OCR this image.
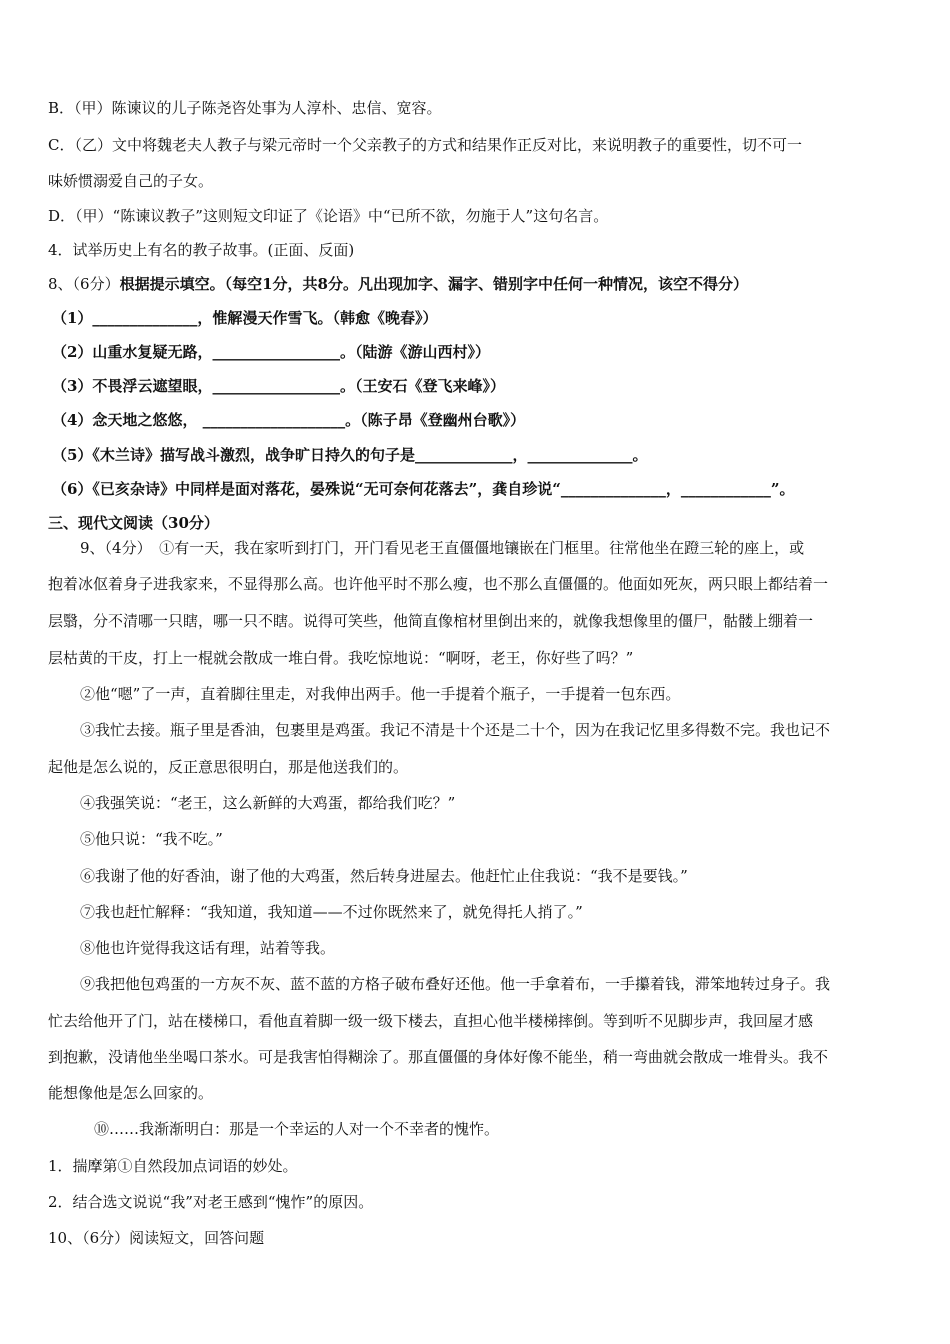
B．（甲）陈谏议的儿子陈尧咨处事为人淳朴、忠信、宽容。

C．（乙）文中将魏老夫人教子与梁元帝时一个父亲教子的方式和结果作正反对比，来说明教子的重要性，切不可一

味娇惯溺爱自己的子女。

D．（甲）“陈谏议教子”这则短文印证了《论语》中“已所不欲，勿施于人”这句名言。

4．试举历史上有名的教子故事。(正面、反面)

8、（6分）根据提示填空。（每空1分，共8分。凡出现加字、漏字、错别字中任何一种情况，该空不得分）

（1）______________，惟解漫天作雪飞。（韩愈《晚春》）

（2）山重水复疑无路，_________________。（陆游《游山西村》）

（3）不畏浮云遮望眼，_________________。（王安石《登飞来峰》）

（4）念天地之悠悠， ___________________。（陈子昂《登幽州台歌》）

（5）《木兰诗》描写战斗激烈，战争旷日持久的句子是_____________，______________。

（6）《已亥杂诗》中同样是面对落花，晏殊说“无可奈何花落去”，龚自珍说“______________，____________”。

三、现代文阅读（30分）

9、（4分）　①有一天，我在家听到打门，开门看见老王直僵僵地镶嵌在门框里。往常他坐在蹬三轮的座上，或

抱着冰伛着身子进我家来，不显得那么高。也许他平时不那么瘦，也不那么直僵僵的。他面如死灰，两只眼上都结着一

层翳，分不清哪一只瞎，哪一只不瞎。说得可笑些，他简直像棺材里倒出来的，就像我想像里的僵尸，骷髅上绷着一

层枯黄的干皮，打上一棍就会散成一堆白骨。我吃惊地说：“啊呀，老王，你好些了吗？”

②他“嗯”了一声，直着脚往里走，对我伸出两手。他一手提着个瓶子，一手提着一包东西。

③我忙去接。瓶子里是香油，包裹里是鸡蛋。我记不清是十个还是二十个，因为在我记忆里多得数不完。我也记不

起他是怎么说的，反正意思很明白，那是他送我们的。

④我强笑说：“老王，这么新鲜的大鸡蛋，都给我们吃？”

⑤他只说：“我不吃。”

⑥我谢了他的好香油，谢了他的大鸡蛋，然后转身进屋去。他赶忙止住我说：“我不是要钱。”

⑦我也赶忙解释：“我知道，我知道——不过你既然来了，就免得托人捎了。”

⑧他也许觉得我这话有理，站着等我。

⑨我把他包鸡蛋的一方灰不灰、蓝不蓝的方格子破布叠好还他。他一手拿着布，一手攥着钱，滞笨地转过身子。我

忙去给他开了门，站在楼梯口，看他直着脚一级一级下楼去，直担心他半楼梯摔倒。等到听不见脚步声，我回屋才感

到抱歉，没请他坐坐喝口茶水。可是我害怕得糊涂了。那直僵僵的身体好像不能坐，稍一弯曲就会散成一堆骨头。我不

能想像他是怎么回家的。

⑩……我渐渐明白：那是一个幸运的人对一个不幸者的愧怍。

1．揣摩第①自然段加点词语的妙处。

2．结合选文说说“我”对老王感到“愧怍”的原因。

10、（6分）阅读短文，回答问题
